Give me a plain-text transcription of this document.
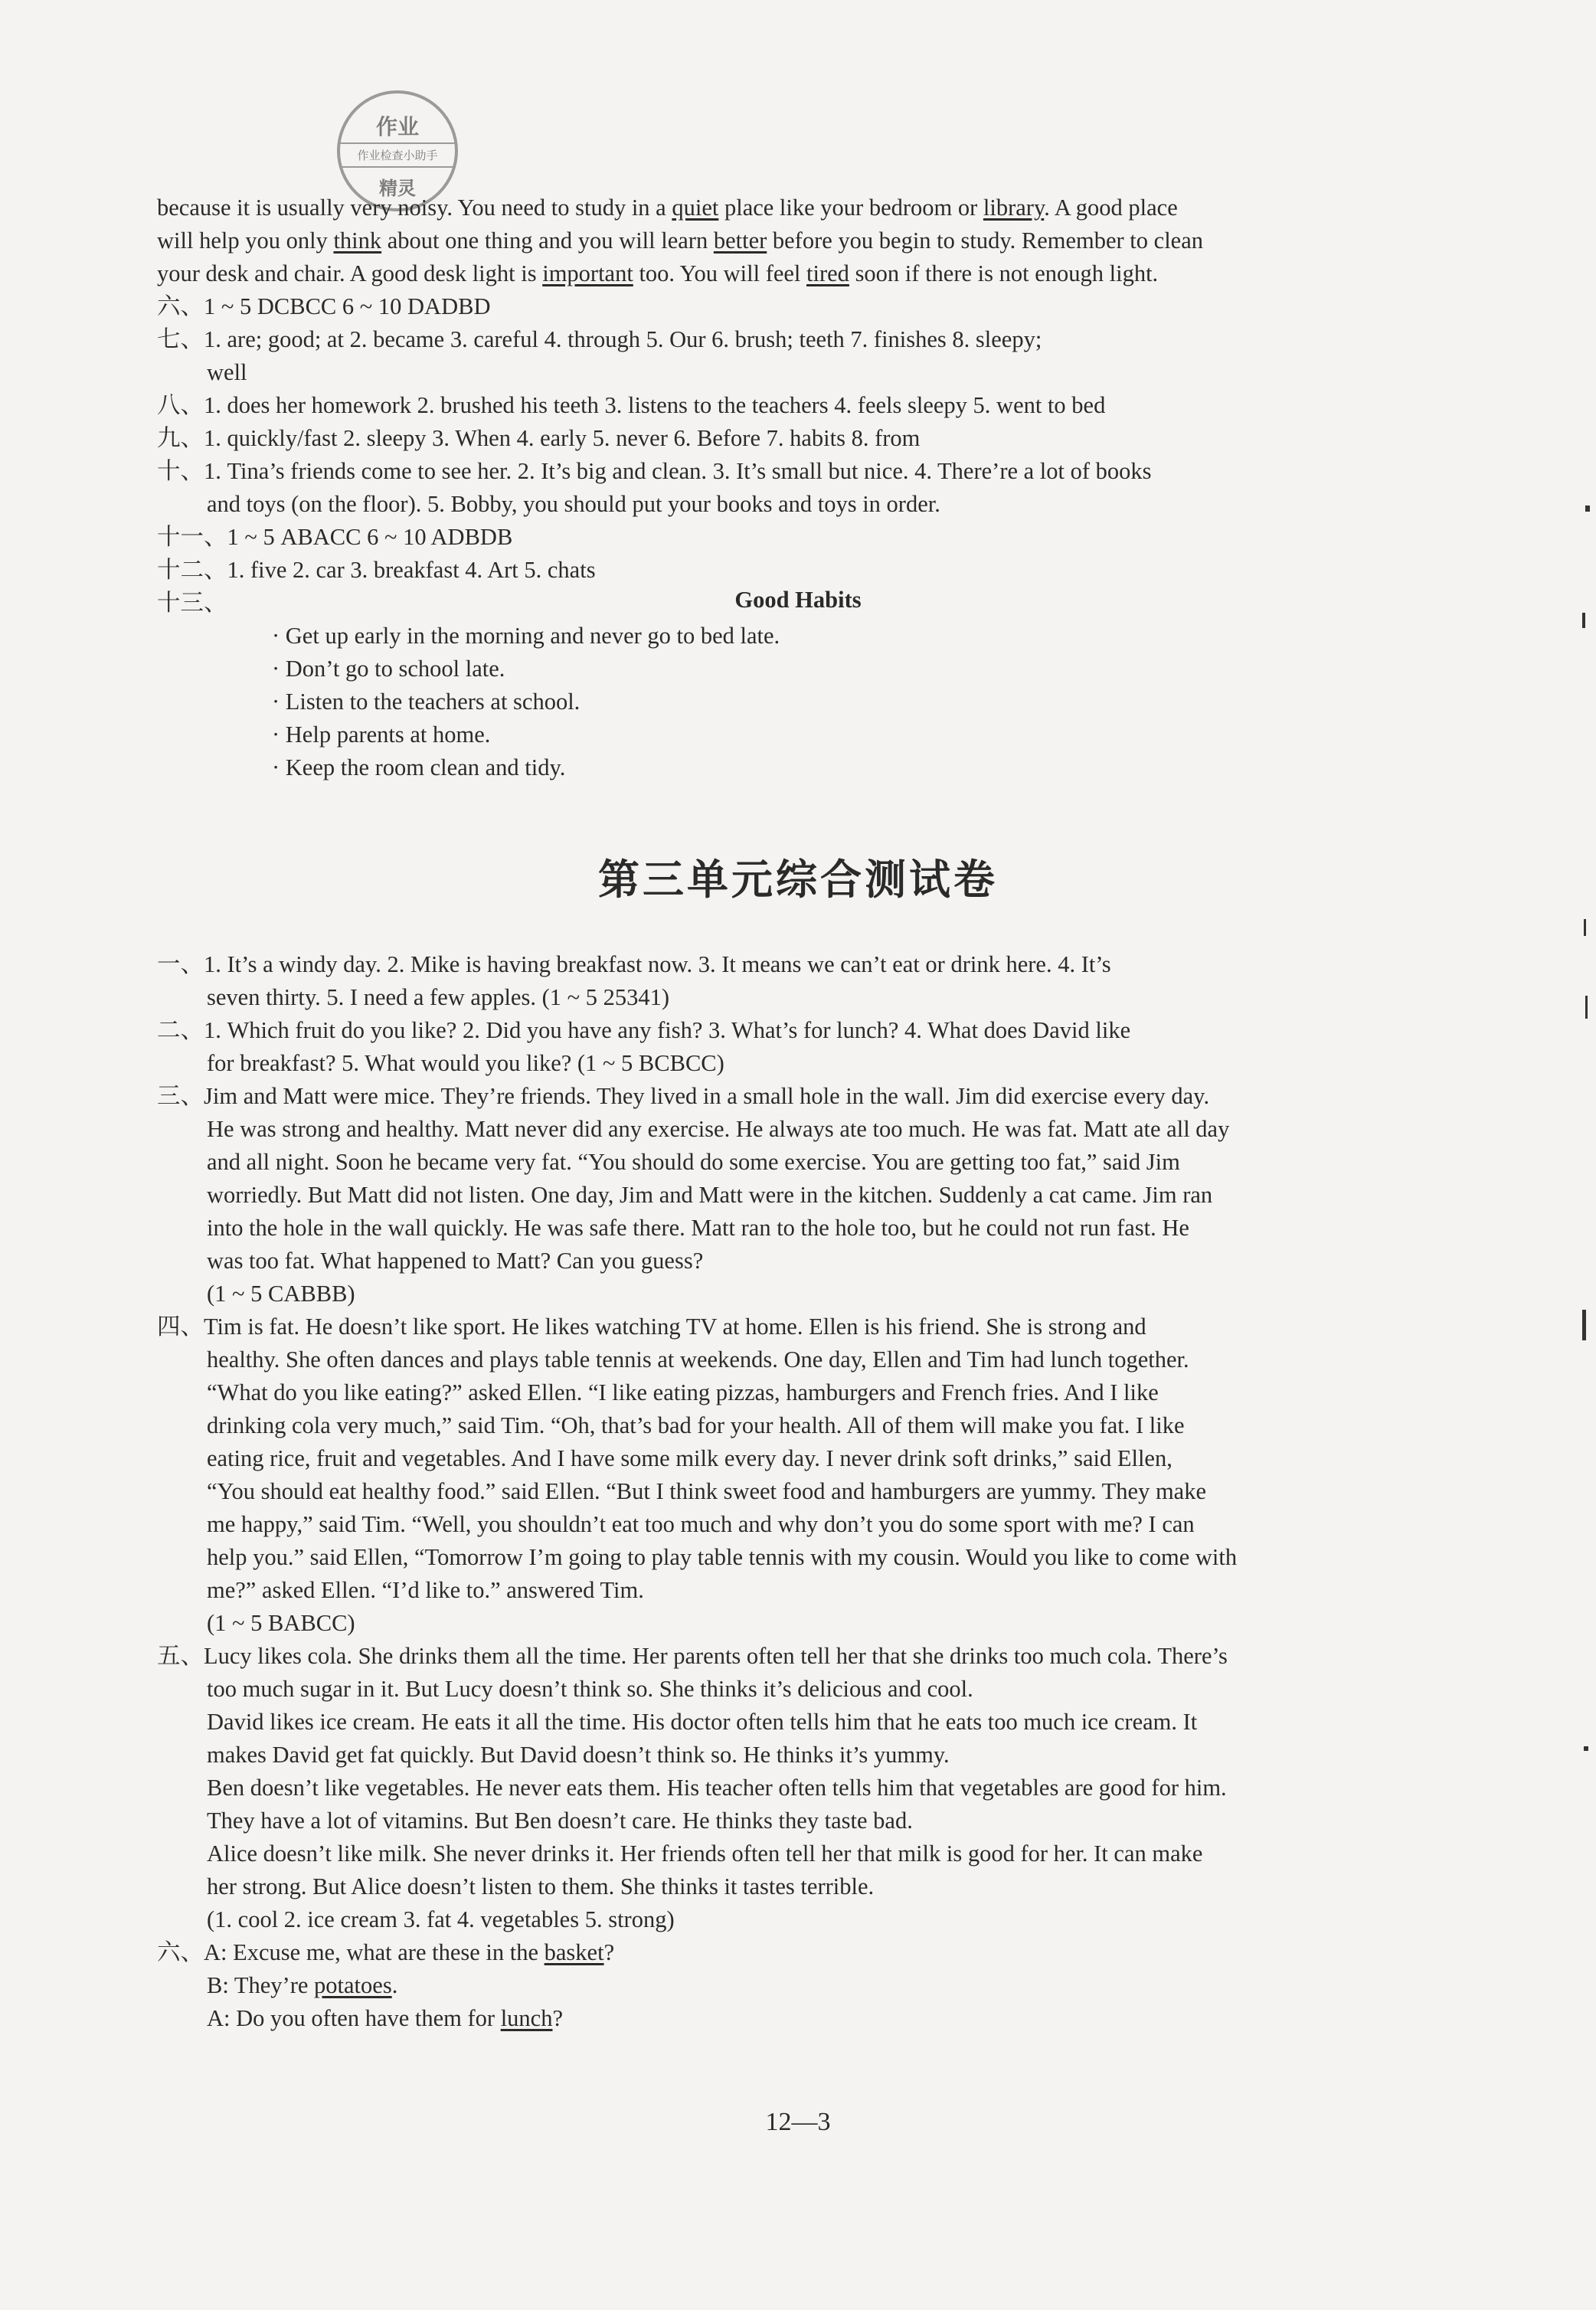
作业
作业检查小助手
精灵
because it is usually very noisy. You need to study in a quiet place like your bedroom or library. A good place
will help you only think about one thing and you will learn better before you begin to study. Remember to clean
your desk and chair. A good desk light is important too. You will feel tired soon if there is not enough light.
六、1 ~ 5 DCBCC 6 ~ 10 DADBD
七、1. are; good; at 2. became 3. careful 4. through 5. Our 6. brush; teeth 7. finishes 8. sleepy;
well
八、1. does her homework 2. brushed his teeth 3. listens to the teachers 4. feels sleepy 5. went to bed
九、1. quickly/fast 2. sleepy 3. When 4. early 5. never 6. Before 7. habits 8. from
十、1. Tina’s friends come to see her. 2. It’s big and clean. 3. It’s small but nice. 4. There’re a lot of books
and toys (on the floor). 5. Bobby, you should put your books and toys in order.
十一、1 ~ 5 ABACC 6 ~ 10 ADBDB
十二、1. five 2. car 3. breakfast 4. Art 5. chats
十三、	Good Habits
· Get up early in the morning and never go to bed late.
· Don’t go to school late.
· Listen to the teachers at school.
· Help parents at home.
· Keep the room clean and tidy.
第三单元综合测试卷
一、1. It’s a windy day. 2. Mike is having breakfast now. 3. It means we can’t eat or drink here. 4. It’s
seven thirty. 5. I need a few apples. (1 ~ 5 25341)
二、1. Which fruit do you like? 2. Did you have any fish? 3. What’s for lunch? 4. What does David like
for breakfast? 5. What would you like? (1 ~ 5 BCBCC)
三、Jim and Matt were mice. They’re friends. They lived in a small hole in the wall. Jim did exercise every day.
He was strong and healthy. Matt never did any exercise. He always ate too much. He was fat. Matt ate all day
and all night. Soon he became very fat. “You should do some exercise. You are getting too fat,” said Jim
worriedly. But Matt did not listen. One day, Jim and Matt were in the kitchen. Suddenly a cat came. Jim ran
into the hole in the wall quickly. He was safe there. Matt ran to the hole too, but he could not run fast. He
was too fat. What happened to Matt? Can you guess?
(1 ~ 5 CABBB)
四、Tim is fat. He doesn’t like sport. He likes watching TV at home. Ellen is his friend. She is strong and
healthy. She often dances and plays table tennis at weekends. One day, Ellen and Tim had lunch together.
“What do you like eating?” asked Ellen. “I like eating pizzas, hamburgers and French fries. And I like
drinking cola very much,” said Tim. “Oh, that’s bad for your health. All of them will make you fat. I like
eating rice, fruit and vegetables. And I have some milk every day. I never drink soft drinks,” said Ellen,
“You should eat healthy food.” said Ellen. “But I think sweet food and hamburgers are yummy. They make
me happy,” said Tim. “Well, you shouldn’t eat too much and why don’t you do some sport with me? I can
help you.” said Ellen, “Tomorrow I’m going to play table tennis with my cousin. Would you like to come with
me?” asked Ellen. “I’d like to.” answered Tim.
(1 ~ 5 BABCC)
五、Lucy likes cola. She drinks them all the time. Her parents often tell her that she drinks too much cola. There’s
too much sugar in it. But Lucy doesn’t think so. She thinks it’s delicious and cool.
David likes ice cream. He eats it all the time. His doctor often tells him that he eats too much ice cream. It
makes David get fat quickly. But David doesn’t think so. He thinks it’s yummy.
Ben doesn’t like vegetables. He never eats them. His teacher often tells him that vegetables are good for him.
They have a lot of vitamins. But Ben doesn’t care. He thinks they taste bad.
Alice doesn’t like milk. She never drinks it. Her friends often tell her that milk is good for her. It can make
her strong. But Alice doesn’t listen to them. She thinks it tastes terrible.
(1. cool 2. ice cream 3. fat 4. vegetables 5. strong)
六、A: Excuse me, what are these in the basket?
B: They’re potatoes.
A: Do you often have them for lunch?
12—3
